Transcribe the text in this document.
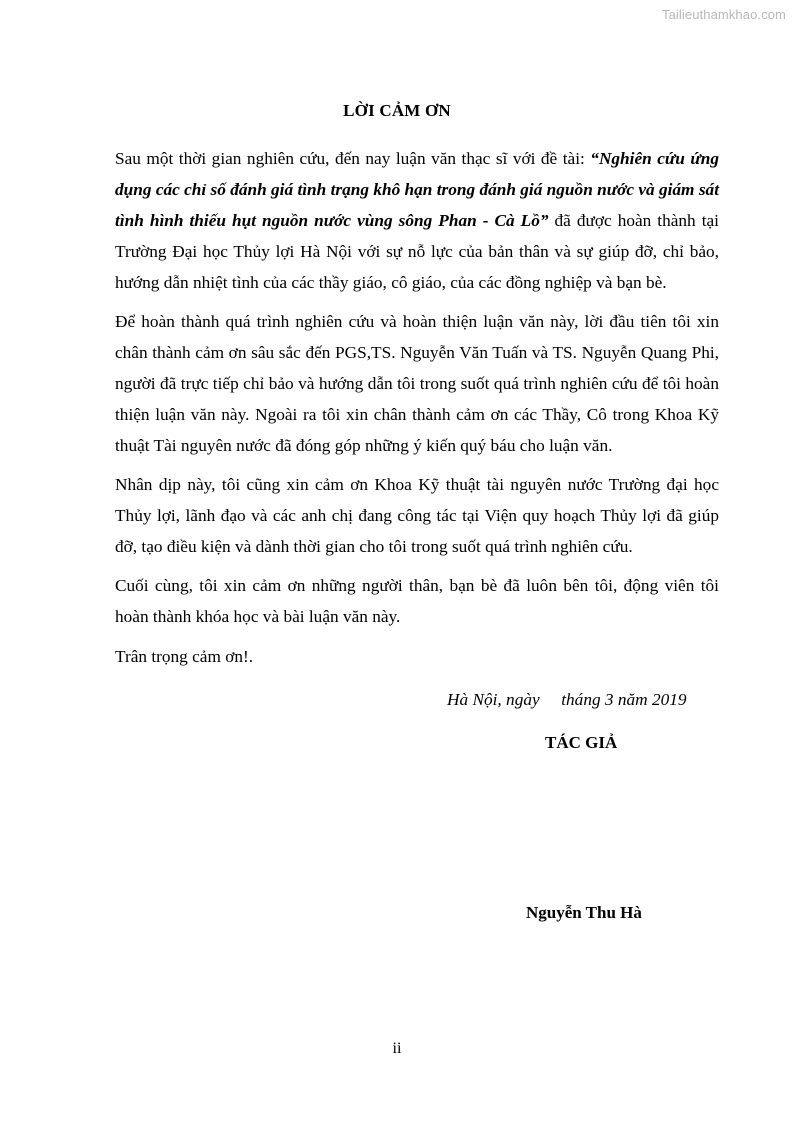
Tailieuthamkhao.com
LỜI CẢM ƠN
Sau một thời gian nghiên cứu, đến nay luận văn thạc sĩ với đề tài: “Nghiên cứu ứng dụng các chỉ số đánh giá tình trạng khô hạn trong đánh giá nguồn nước và giám sát tình hình thiếu hụt nguồn nước vùng sông Phan - Cà Lồ” đã được hoàn thành tại Trường Đại học Thủy lợi Hà Nội với sự nỗ lực của bản thân và sự giúp đỡ, chỉ bảo, hướng dẫn nhiệt tình của các thầy giáo, cô giáo, của các đồng nghiệp và bạn bè.
Để hoàn thành quá trình nghiên cứu và hoàn thiện luận văn này, lời đầu tiên tôi xin chân thành cảm ơn sâu sắc đến PGS,TS. Nguyễn Văn Tuấn và TS. Nguyễn Quang Phi, người đã trực tiếp chỉ bảo và hướng dẫn tôi trong suốt quá trình nghiên cứu để tôi hoàn thiện luận văn này. Ngoài ra tôi xin chân thành cảm ơn các Thầy, Cô trong Khoa Kỹ thuật Tài nguyên nước đã đóng góp những ý kiến quý báu cho luận văn.
Nhân dịp này, tôi cũng xin cảm ơn Khoa Kỹ thuật tài nguyên nước Trường đại học Thủy lợi, lãnh đạo và các anh chị đang công tác tại Viện quy hoạch Thủy lợi đã giúp đỡ, tạo điều kiện và dành thời gian cho tôi trong suốt quá trình nghiên cứu.
Cuối cùng, tôi xin cảm ơn những người thân, bạn bè đã luôn bên tôi, động viên tôi hoàn thành khóa học và bài luận văn này.
Trân trọng cảm ơn!.
Hà Nội, ngày     tháng 3 năm 2019
TÁC GIẢ
Nguyễn Thu Hà
ii
